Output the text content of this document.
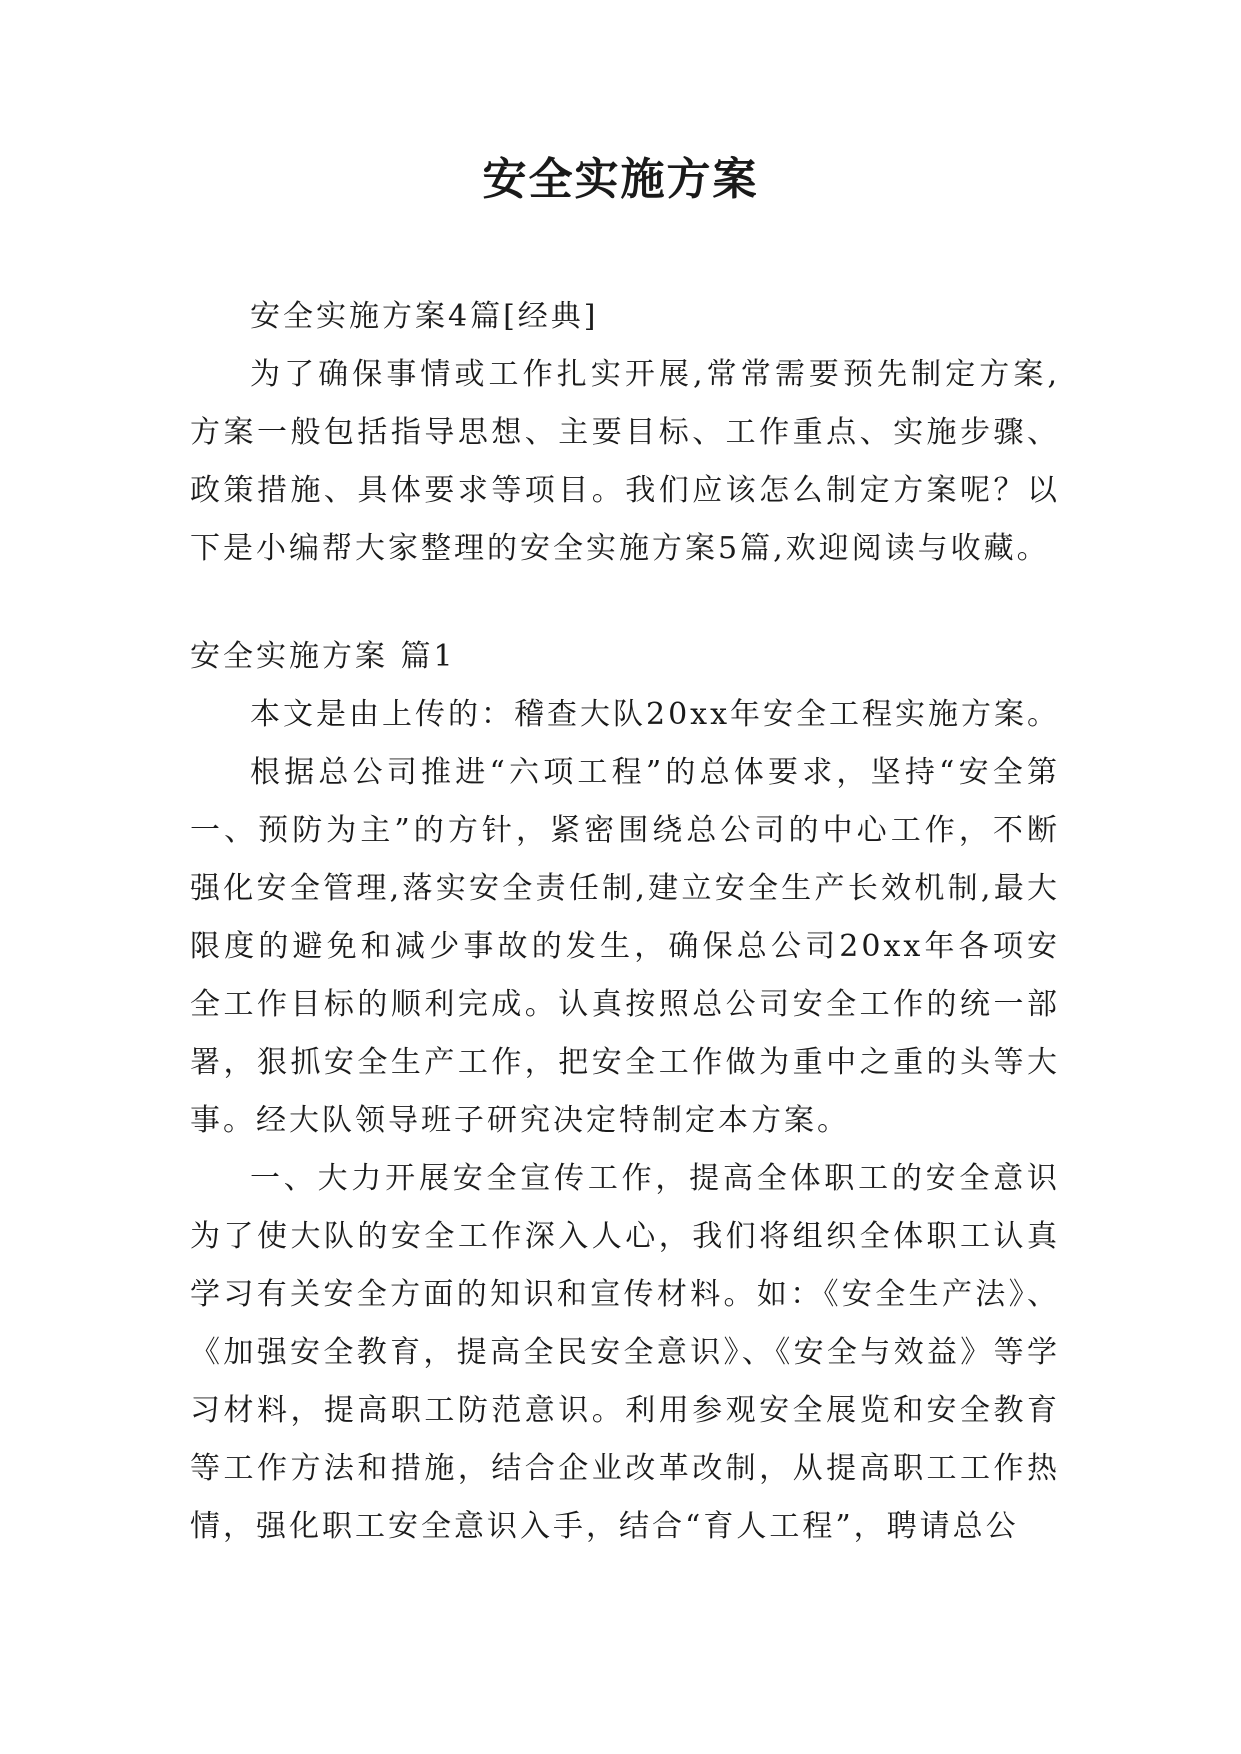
安全实施方案

安全实施方案4篇[经典]

为了确保事情或工作扎实开展,常常需要预先制定方案,方案一般包括指导思想、主要目标、工作重点、实施步骤、政策措施、具体要求等项目。我们应该怎么制定方案呢？以下是小编帮大家整理的安全实施方案5篇,欢迎阅读与收藏。

安全实施方案 篇1

本文是由上传的：稽查大队20xx年安全工程实施方案。

根据总公司推进“六项工程”的总体要求，坚持“安全第一、预防为主”的方针，紧密围绕总公司的中心工作，不断强化安全管理,落实安全责任制,建立安全生产长效机制,最大限度的避免和减少事故的发生，确保总公司20xx年各项安全工作目标的顺利完成。认真按照总公司安全工作的统一部署，狠抓安全生产工作，把安全工作做为重中之重的头等大事。经大队领导班子研究决定特制定本方案。

一、大力开展安全宣传工作，提高全体职工的安全意识为了使大队的安全工作深入人心，我们将组织全体职工认真学习有关安全方面的知识和宣传材料。如：《安全生产法》、《加强安全教育，提高全民安全意识》、《安全与效益》等学习材料，提高职工防范意识。利用参观安全展览和安全教育等工作方法和措施，结合企业改革改制，从提高职工工作热情，强化职工安全意识入手，结合“育人工程”，聘请总公
